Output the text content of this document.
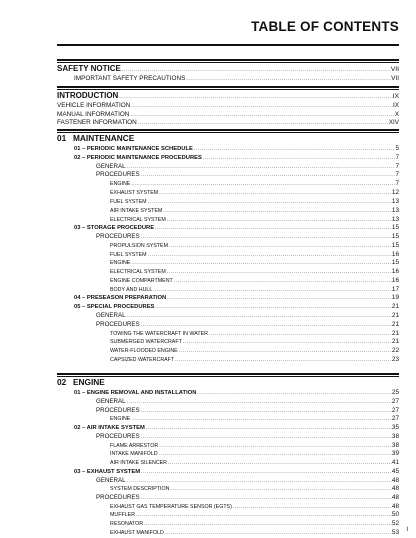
TABLE OF CONTENTS
SAFETY NOTICE .....	VII
IMPORTANT SAFETY PRECAUTIONS .....	VII
INTRODUCTION .....	IX
VEHICLE INFORMATION .....	IX
MANUAL INFORMATION .....	X
FASTENER INFORMATION .....	XIV
01 MAINTENANCE
01 – PERIODIC MAINTENANCE SCHEDULE .....	5
02 – PERIODIC MAINTENANCE PROCEDURES .....	7
GENERAL .....	7
PROCEDURES .....	7
ENGINE .....	7
EXHAUST SYSTEM .....	12
FUEL SYSTEM .....	13
AIR INTAKE SYSTEM .....	13
ELECTRICAL SYSTEM .....	13
03 – STORAGE PROCEDURE .....	15
PROCEDURES .....	15
PROPULSION SYSTEM .....	15
FUEL SYSTEM .....	16
ENGINE .....	15
ELECTRICAL SYSTEM .....	16
ENGINE COMPARTMENT .....	16
BODY AND HULL .....	17
04 – PRESEASON PREPARATION .....	19
05 – SPECIAL PROCEDURES .....	21
GENERAL .....	21
PROCEDURES .....	21
TOWING THE WATERCRAFT IN WATER .....	21
SUBMERGED WATERCRAFT .....	21
WATER-FLOODED ENGINE .....	22
CAPSIZED WATERCRAFT .....	23
02 ENGINE
01 – ENGINE REMOVAL AND INSTALLATION .....	25
GENERAL .....	27
PROCEDURES .....	27
ENGINE .....	27
02 – AIR INTAKE SYSTEM .....	35
PROCEDURES .....	38
FLAME ARRESTOR .....	38
INTAKE MANIFOLD .....	39
AIR INTAKE SILENCER .....	41
03 – EXHAUST SYSTEM .....	45
GENERAL .....	48
SYSTEM DESCRIPTION .....	48
PROCEDURES .....	48
EXHAUST GAS TEMPERATURE SENSOR (EGTS) .....	48
MUFFLER .....	50
RESONATOR .....	52
EXHAUST MANIFOLD .....	53 I
